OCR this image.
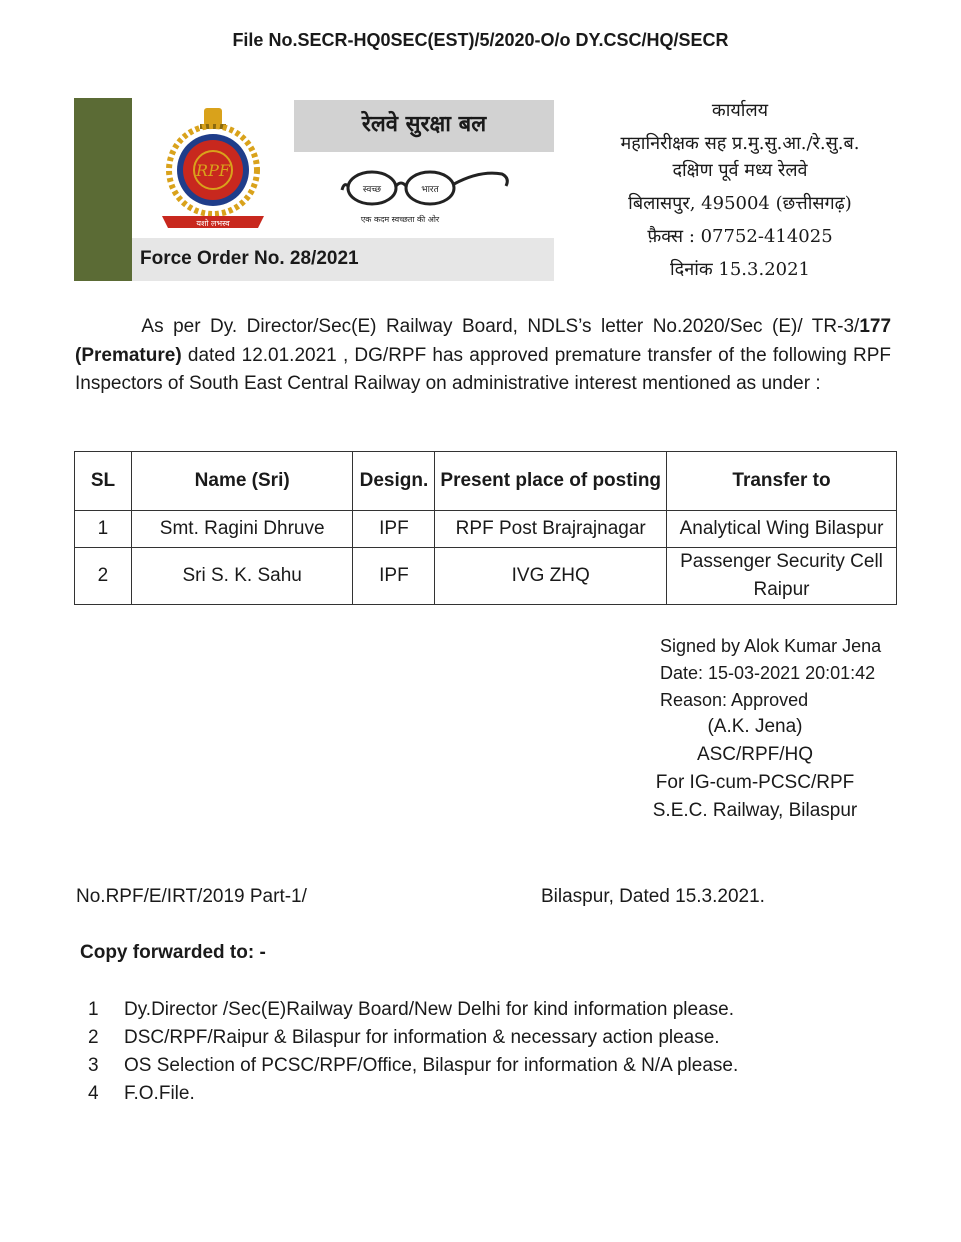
File No.SECR-HQ0SEC(EST)/5/2020-O/o DY.CSC/HQ/SECR
RPF
यशो लभस्व
रेलवे सुरक्षा बल
स्वच्छ	भारत
एक कदम स्वच्छता की ओर
Force Order No. 28/2021
कार्यालय
महानिरीक्षक सह प्र.मु.सु.आ./रे.सु.ब.
दक्षिण पूर्व मध्य रेलवे
बिलासपुर, 495004 (छत्तीसगढ़)
फ़ैक्स : 07752-414025
दिनांक 15.3.2021
As per Dy. Director/Sec(E) Railway Board, NDLS’s letter No.2020/Sec (E)/ TR-3/177 (Premature) dated 12.01.2021 , DG/RPF has approved premature transfer of the following RPF Inspectors of South East Central Railway on administrative interest mentioned as under :
SL	Name (Sri)	Design.	Present place of posting	Transfer to
1	Smt. Ragini Dhruve	IPF	RPF Post Brajrajnagar	Analytical Wing Bilaspur
2	Sri S. K. Sahu	IPF	IVG ZHQ	Passenger Security Cell Raipur
Signed by Alok Kumar Jena
Date: 15-03-2021 20:01:42
Reason: Approved
(A.K. Jena)
ASC/RPF/HQ
For IG-cum-PCSC/RPF
S.E.C. Railway, Bilaspur
No.RPF/E/IRT/2019 Part-1/	Bilaspur, Dated 15.3.2021.
Copy forwarded to: -
1 Dy.Director /Sec(E)Railway Board/New Delhi for kind information please.
2 DSC/RPF/Raipur & Bilaspur for information & necessary action please.
3 OS Selection of PCSC/RPF/Office, Bilaspur for information & N/A please.
4 F.O.File.
